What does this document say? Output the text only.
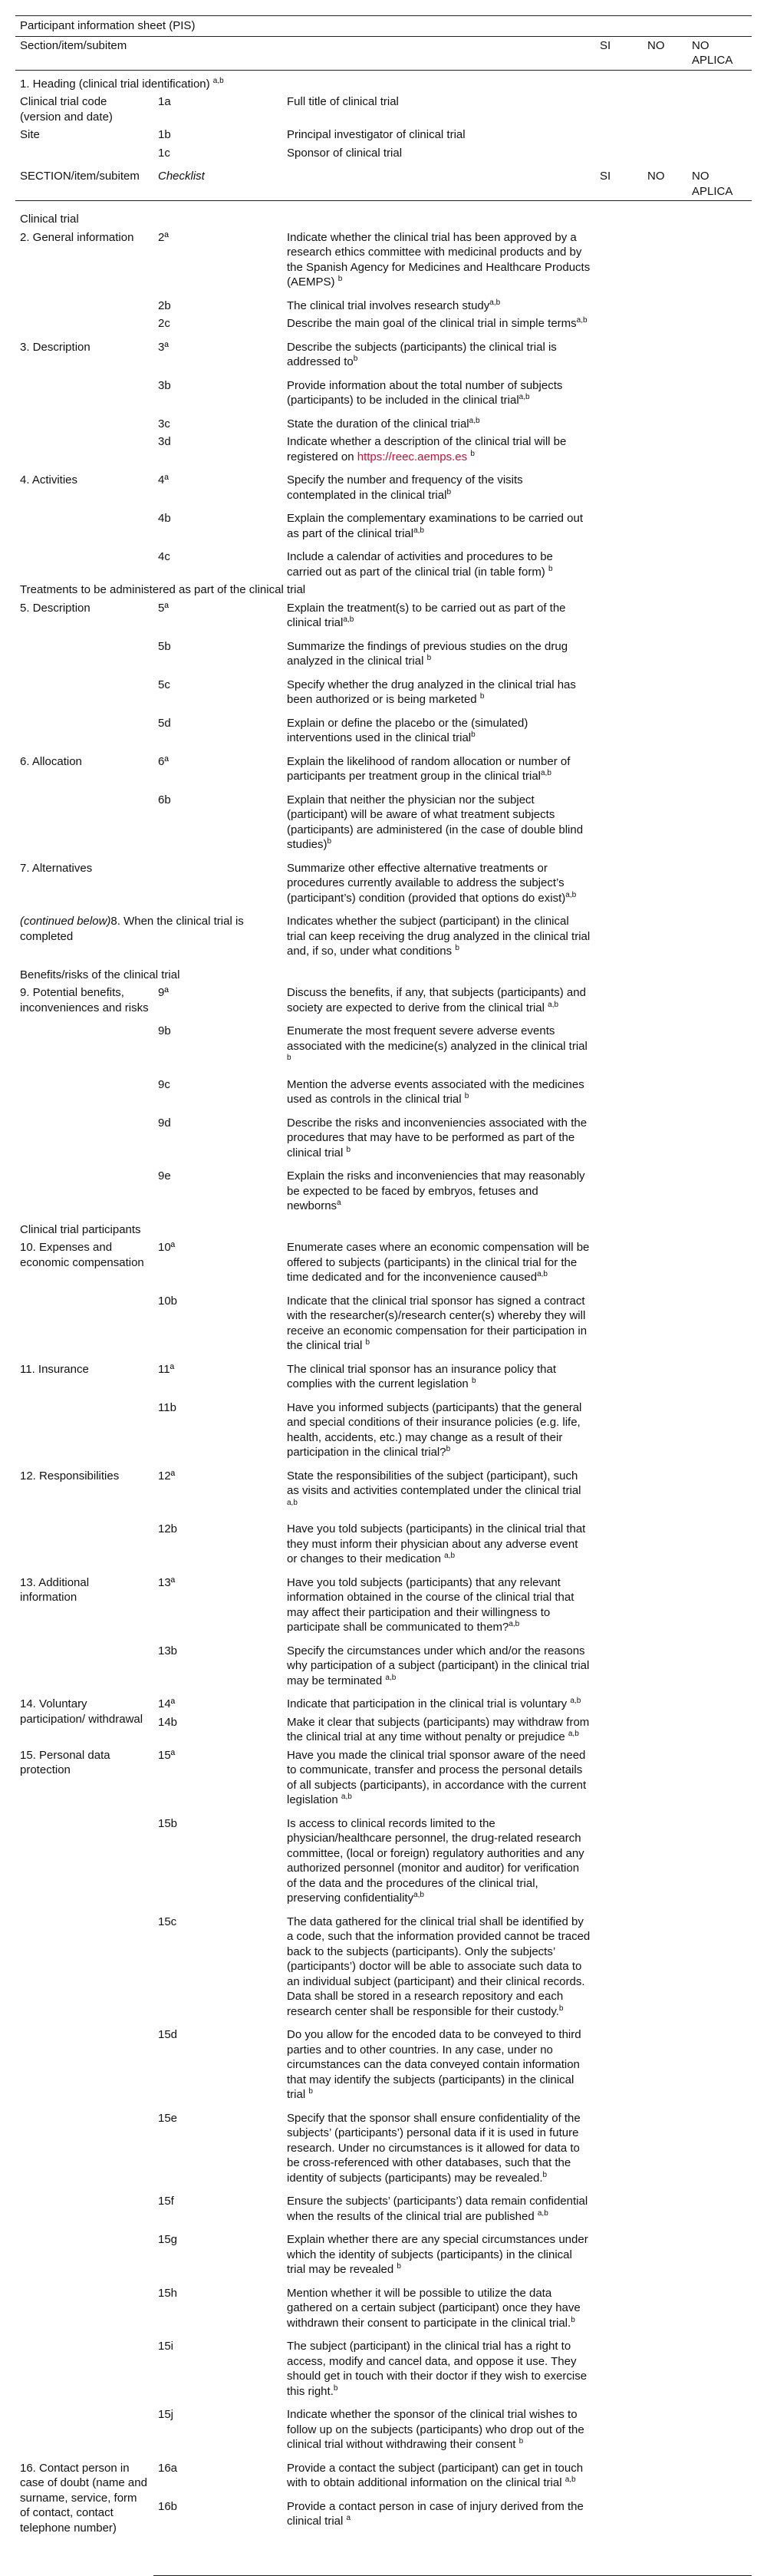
Participant information sheet (PIS)					
Section/item/subitem			SI	NO	NO APLICA
1. Heading (clinical trial identification) $^{a,b}$			
Clinical trial code (version and date)	1a	Full title of clinical trial			
Site	1b	Principal investigator of clinical trial			
	1c	Sponsor of clinical trial			
SECTION/item/subitem	Checklist		SI	NO	NO APLICA
Clinical trial					
2. General information	2ª	Indicate whether the clinical trial has been approved by a research ethics committee with medicinal products and by the Spanish Agency for Medicines and Healthcare Products (AEMPS) $^b$			
	2b	The clinical trial involves research study$^{a,b}$			
	2c	Describe the main goal of the clinical trial in simple terms$^{a,b}$			
3. Description	3ª	Describe the subjects (participants) the clinical trial is addressed $to^b$			
	3b	Provide information about the total number of subjects (participants) to be included in the clinical trial$^{a,b}$			
	3c	State the duration of the clinical trial$^{a,b}$			
	3d	Indicate whether a description of the clinical trial will be registered on https://reec.aemps.es $^b$			
4. Activities	4ª	Specify the number and frequency of the visits contemplated in the clinical trial$^b$			
	4b	Explain the complementary examinations to be carried out as part of the clinical trial$^{a,b}$			
	4c	Include a calendar of activities and procedures to be carried out as part of the clinical trial (in table form) $^b$			
Treatments to be administered as part of the clinical trial					
5. Description	5ª	Explain the treatment(s) to be carried out as part of the clinical trial$^{a,b}$			
	5b	Summarize the findings of previous studies on the drug analyzed in the clinical trial $^b$			
	5c	Specify whether the drug analyzed in the clinical trial has been authorized or is being marketed $^b$			
	5d	Explain or define the placebo or the (simulated) interventions used in the clinical trial$^b$			
6. Allocation	6ª	Explain the likelihood of random allocation or number of participants per treatment group in the clinical trial$^{a,b}$			
	6b	Explain that neither the physician nor the subject (participant) will be aware of what treatment subjects (participants) are administered (in the case of double blind studies)$^b$			
7. Alternatives		Summarize other effective alternative treatments or procedures currently available to address the subject’s (participant’s) condition (provided that options do exist)$^{a,b}$			
(continued below)8. When the clinical trial is completed		Indicates whether the subject (participant) in the clinical trial can keep receiving the drug analyzed in the clinical trial and, if so, under what conditions $^b$			
Benefits/risks of the clinical trial					
9. Potential benefits, inconveniences and risks	9ª	Discuss the benefits, if any, that subjects (participants) and society are expected to derive from the clinical trial $^{a,b}$			
	9b	Enumerate the most frequent severe adverse events associated with the medicine(s) analyzed in the clinical trial $^b$			
	9c	Mention the adverse events associated with the medicines used as controls in the clinical trial $^b$			
	9d	Describe the risks and inconveniencies associated with the procedures that may have to be performed as part of the clinical trial $^b$			
	9e	Explain the risks and inconveniencies that may reasonably be expected to be faced by embryos, fetuses and newborns$^a$			
Clinical trial participants					
10. Expenses and economic compensation	10ª	Enumerate cases where an economic compensation will be offered to subjects (participants) in the clinical trial for the time dedicated and for the inconvenience caused$^{a,b}$			
	10b	Indicate that the clinical trial sponsor has signed a contract with the researcher(s)/research center(s) whereby they will receive an economic compensation for their participation in the clinical trial $^b$			
11. Insurance	11ª	The clinical trial sponsor has an insurance policy that complies with the current legislation $^b$			
	11b	Have you informed subjects (participants) that the general and special conditions of their insurance policies (e.g. life, health, accidents, etc.) may change as a result of their participation in the clinical trial?$^b$			
12. Responsibilities	12ª	State the responsibilities of the subject (participant), such as visits and activities contemplated under the clinical trial $^{a,b}$			
	12b	Have you told subjects (participants) in the clinical trial that they must inform their physician about any adverse event or changes to their medication $^{a,b}$			
13. Additional information	13ª	Have you told subjects (participants) that any relevant information obtained in the course of the clinical trial that may affect their participation and their willingness to participate shall be communicated to them?$^{a,b}$			
	13b	Specify the circumstances under which and/or the reasons why participation of a subject (participant) in the clinical trial may be terminated $^{a,b}$			
14. Voluntary participation/ withdrawal	14ª	Indicate that participation in the clinical trial is voluntary $^{a,b}$			
	14b	Make it clear that subjects (participants) may withdraw from the clinical trial at any time without penalty or prejudice $^{a,b}$			
15. Personal data protection	15ª	Have you made the clinical trial sponsor aware of the need to communicate, transfer and process the personal details of all subjects (participants), in accordance with the current legislation $^{a,b}$			
	15b	Is access to clinical records limited to the physician/healthcare personnel, the drug-related research committee, (local or foreign) regulatory authorities and any authorized personnel (monitor and auditor) for verification of the data and the procedures of the clinical trial, preserving confidentiality$^{a,b}$			
	15c	The data gathered for the clinical trial shall be identified by a code, such that the information provided cannot be traced back to the subjects (participants). Only the subjects’ (participants’) doctor will be able to associate such data to an individual subject (participant) and their clinical records. Data shall be stored in a research repository and each research center shall be responsible for their custody.$^b$			
	15d	Do you allow for the encoded data to be conveyed to third parties and to other countries. In any case, under no circumstances can the data conveyed contain information that may identify the subjects (participants) in the clinical trial $^b$			
	15e	Specify that the sponsor shall ensure confidentiality of the subjects’ (participants’) personal data if it is used in future research. Under no circumstances is it allowed for data to be cross-referenced with other databases, such that the identity of subjects (participants) may be revealed.$^b$			
	15f	Ensure the subjects’ (participants’) data remain confidential when the results of the clinical trial are published $^{a,b}$			
	15g	Explain whether there are any special circumstances under which the identity of subjects (participants) in the clinical trial may be revealed $^b$			
	15h	Mention whether it will be possible to utilize the data gathered on a certain subject (participant) once they have withdrawn their consent to participate in the clinical trial.$^b$			
	15i	The subject (participant) in the clinical trial has a right to access, modify and cancel data, and oppose it use. They should get in touch with their doctor if they wish to exercise this right.$^b$			
	15j	Indicate whether the sponsor of the clinical trial wishes to follow up on the subjects (participants) who drop out of the clinical trial without withdrawing their consent $^b$			
16. Contact person in case of doubt (name and surname, service, form of contact, contact telephone number)	16a	Provide a contact the subject (participant) can get in touch with to obtain additional information on the clinical trial $^{a,b}$			
	16b	Provide a contact person in case of injury derived from the clinical trial $^a$			
